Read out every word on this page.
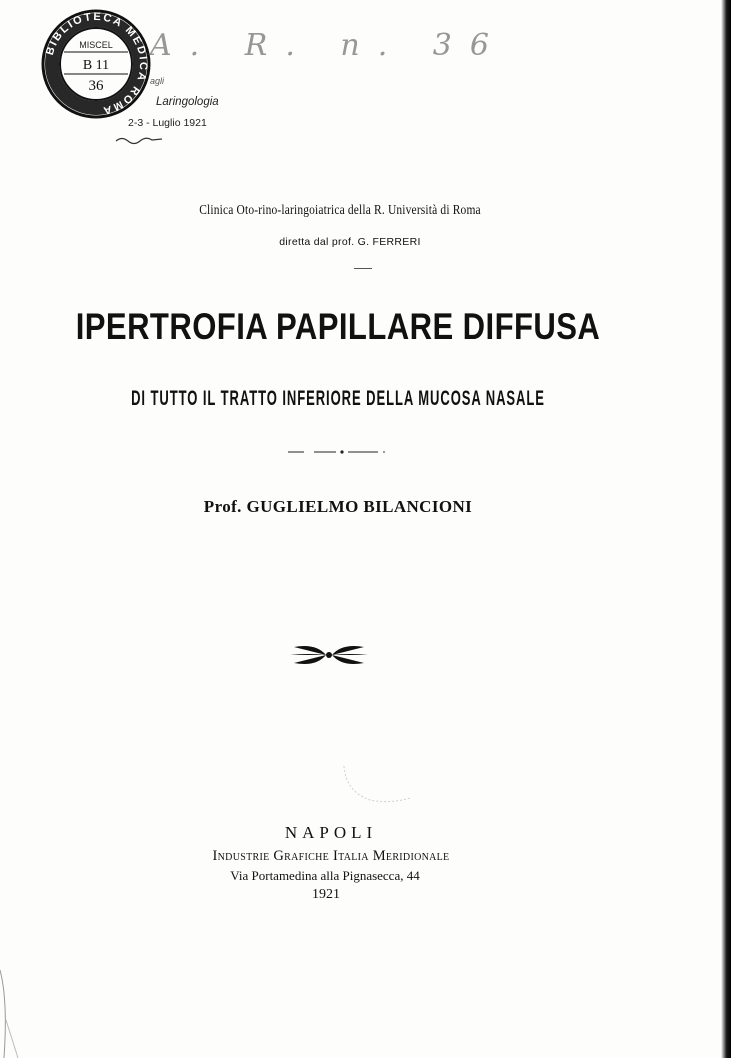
BIBLIOTECA MEDICA ROMA
MISCEL
B 11
36
A. R. n. 36
agli
Laringologia
2-3 - Luglio 1921
Clinica Oto-rino-laringoiatrica della R. Università di Roma
diretta dal prof. G. FERRERI
IPERTROFIA PAPILLARE DIFFUSA
DI TUTTO IL TRATTO INFERIORE DELLA MUCOSA NASALE
Prof. GUGLIELMO BILANCIONI
NAPOLI
Industrie Grafiche Italia Meridionale
Via Portamedina alla Pignasecca, 44
1921
